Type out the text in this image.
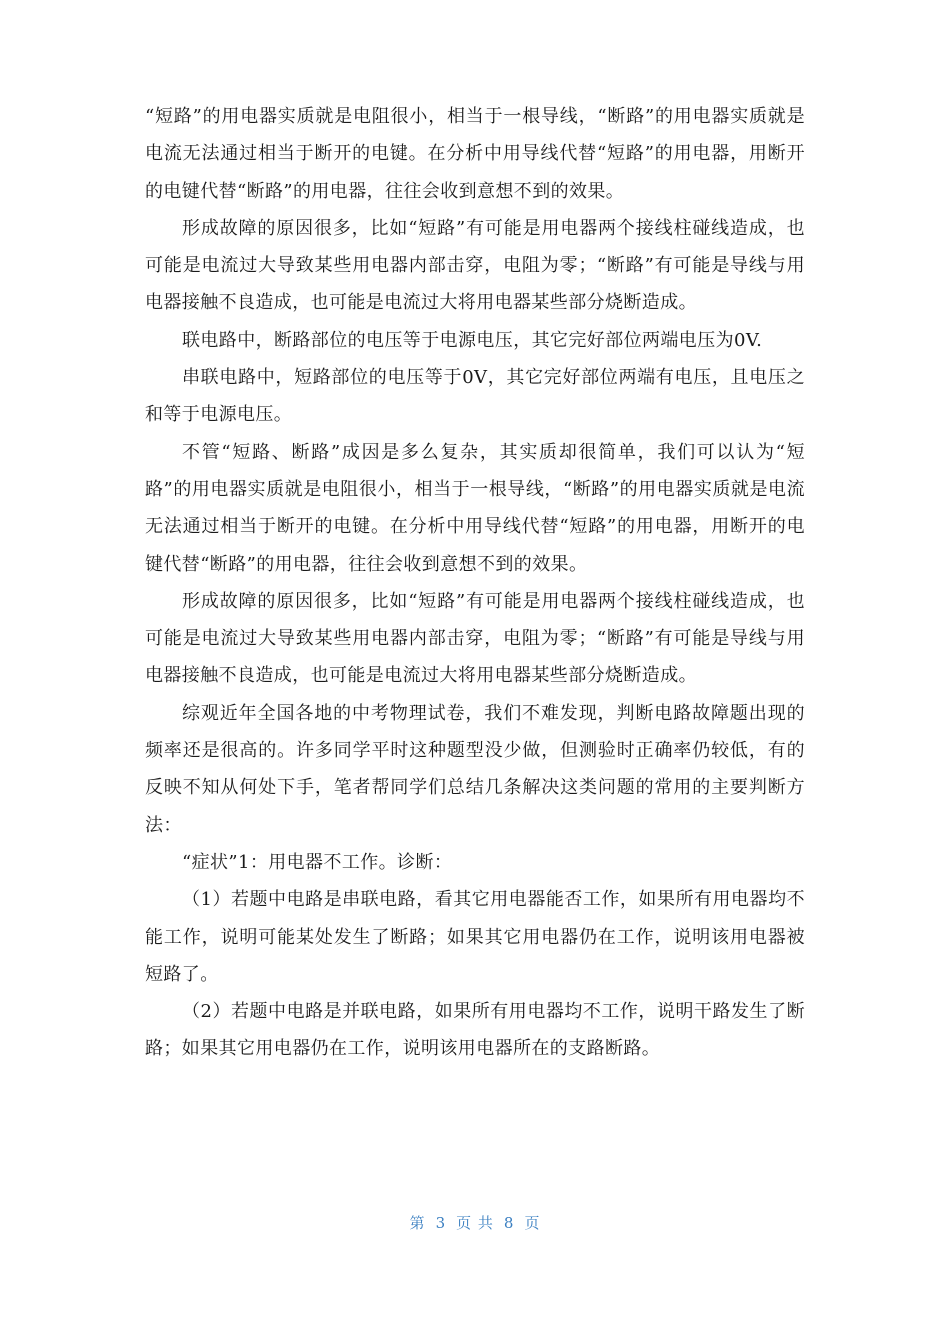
“短路”的用电器实质就是电阻很小，相当于一根导线，“断路”的用电器实质就是电流无法通过相当于断开的电键。在分析中用导线代替“短路”的用电器，用断开的电键代替“断路”的用电器，往往会收到意想不到的效果。

形成故障的原因很多，比如“短路”有可能是用电器两个接线柱碰线造成，也可能是电流过大导致某些用电器内部击穿，电阻为零；“断路”有可能是导线与用电器接触不良造成，也可能是电流过大将用电器某些部分烧断造成。

联电路中，断路部位的电压等于电源电压，其它完好部位两端电压为0V.

串联电路中，短路部位的电压等于0V，其它完好部位两端有电压，且电压之和等于电源电压。

不管“短路、断路”成因是多么复杂，其实质却很简单，我们可以认为“短路”的用电器实质就是电阻很小，相当于一根导线，“断路”的用电器实质就是电流无法通过相当于断开的电键。在分析中用导线代替“短路”的用电器，用断开的电键代替“断路”的用电器，往往会收到意想不到的效果。

形成故障的原因很多，比如“短路”有可能是用电器两个接线柱碰线造成，也可能是电流过大导致某些用电器内部击穿，电阻为零；“断路”有可能是导线与用电器接触不良造成，也可能是电流过大将用电器某些部分烧断造成。

综观近年全国各地的中考物理试卷，我们不难发现，判断电路故障题出现的频率还是很高的。许多同学平时这种题型没少做，但测验时正确率仍较低，有的反映不知从何处下手，笔者帮同学们总结几条解决这类问题的常用的主要判断方法：

“症状”1：用电器不工作。诊断：

（1）若题中电路是串联电路，看其它用电器能否工作，如果所有用电器均不能工作，说明可能某处发生了断路；如果其它用电器仍在工作，说明该用电器被短路了。

（2）若题中电路是并联电路，如果所有用电器均不工作，说明干路发生了断路；如果其它用电器仍在工作，说明该用电器所在的支路断路。

第 3 页 共 8 页
